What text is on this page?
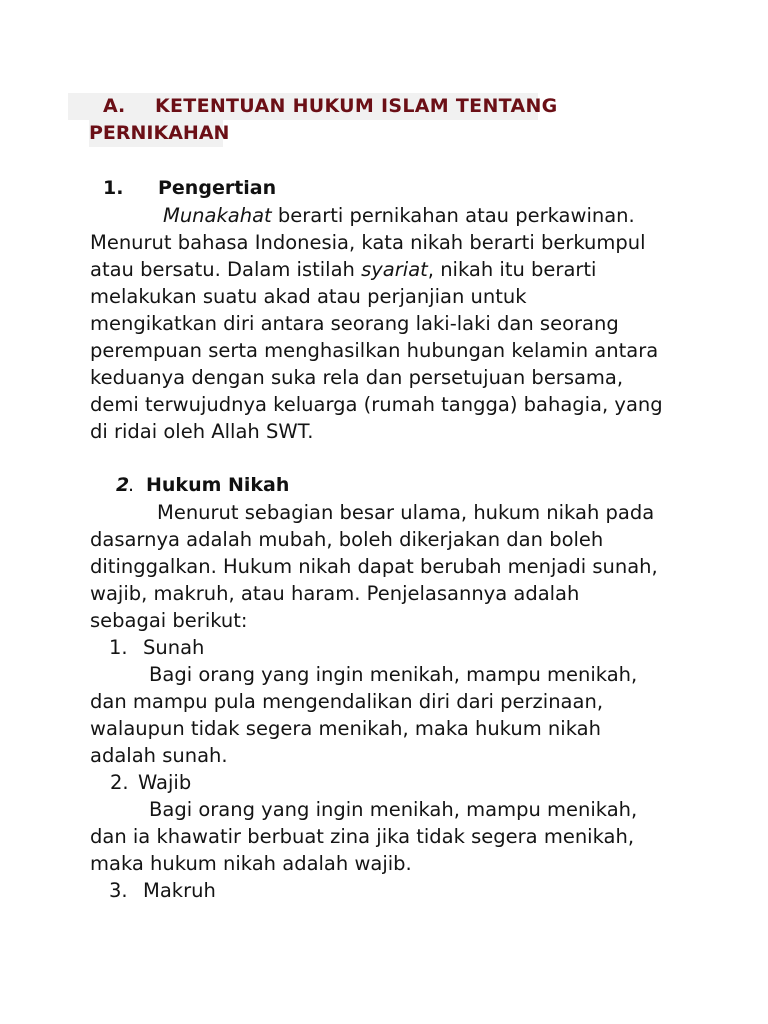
A. KETENTUAN HUKUM ISLAM TENTANG
PERNIKAHAN
1. Pengertian
Munakahat berarti pernikahan atau perkawinan.
Menurut bahasa Indonesia, kata nikah berarti berkumpul
atau bersatu. Dalam istilah syariat, nikah itu berarti
melakukan suatu akad atau perjanjian untuk
mengikatkan diri antara seorang laki-laki dan seorang
perempuan serta menghasilkan hubungan kelamin antara
keduanya dengan suka rela dan persetujuan bersama,
demi terwujudnya keluarga (rumah tangga) bahagia, yang
di ridai oleh Allah SWT.
2
. Hukum Nikah
Menurut sebagian besar ulama, hukum nikah pada
dasarnya adalah mubah, boleh dikerjakan dan boleh
ditinggalkan. Hukum nikah dapat berubah menjadi sunah,
wajib, makruh, atau haram. Penjelasannya adalah
sebagai berikut:
1. Sunah
Bagi orang yang ingin menikah, mampu menikah,
dan mampu pula mengendalikan diri dari perzinaan,
walaupun tidak segera menikah, maka hukum nikah
adalah sunah.
2. Wajib
Bagi orang yang ingin menikah, mampu menikah,
dan ia khawatir berbuat zina jika tidak segera menikah,
maka hukum nikah adalah wajib.
3. Makruh
